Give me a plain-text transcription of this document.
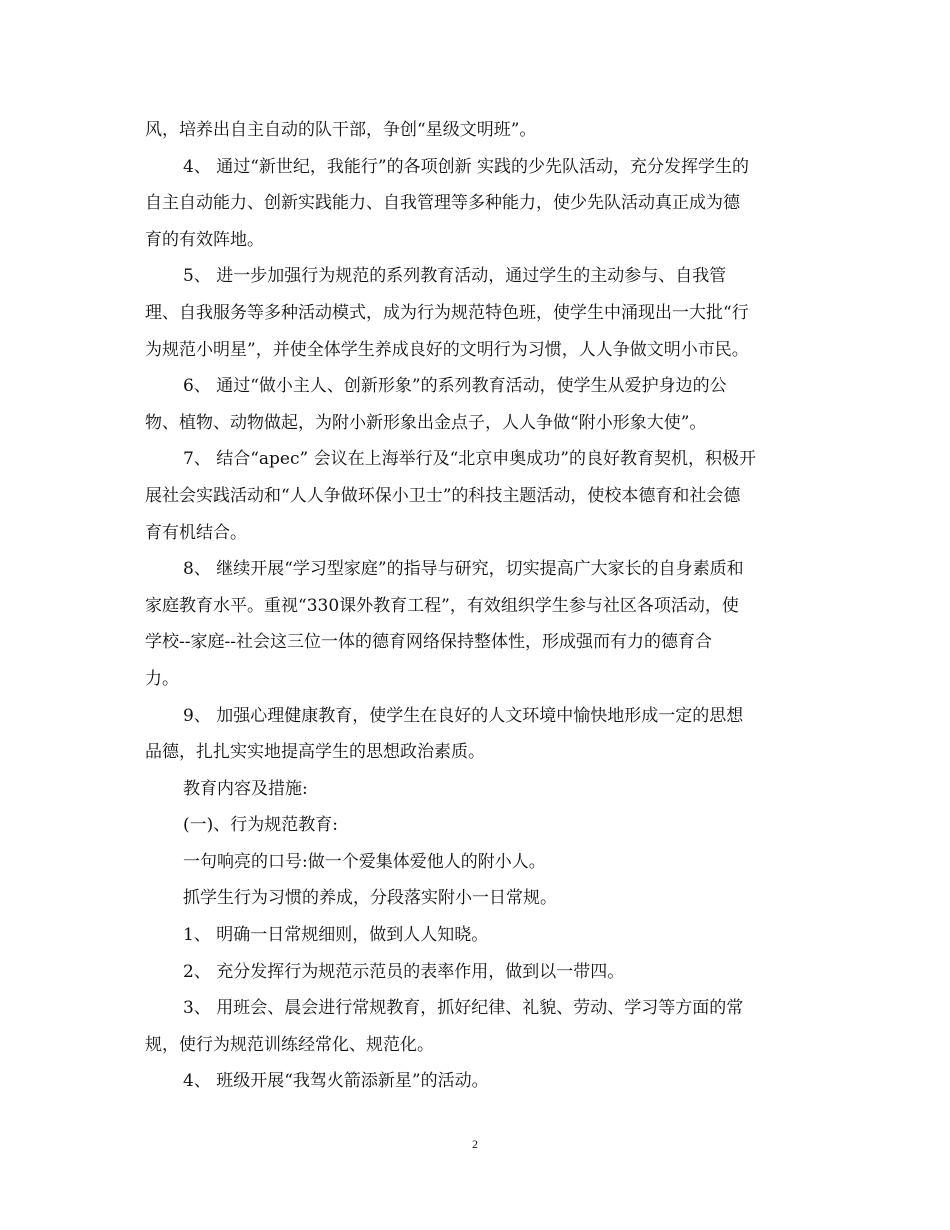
风，培养出自主自动的队干部，争创“星级文明班”。
4、 通过“新世纪，我能行”的各项创新 实践的少先队活动，充分发挥学生的
自主自动能力、创新实践能力、自我管理等多种能力，使少先队活动真正成为德
育的有效阵地。
5、 进一步加强行为规范的系列教育活动，通过学生的主动参与、自我管
理、自我服务等多种活动模式，成为行为规范特色班，使学生中涌现出一大批“行
为规范小明星”，并使全体学生养成良好的文明行为习惯，人人争做文明小市民。
6、 通过“做小主人、创新形象”的系列教育活动，使学生从爱护身边的公
物、植物、动物做起，为附小新形象出金点子，人人争做“附小形象大使”。
7、 结合“apec” 会议在上海举行及“北京申奥成功”的良好教育契机，积极开
展社会实践活动和“人人争做环保小卫士”的科技主题活动，使校本德育和社会德
育有机结合。
8、 继续开展“学习型家庭”的指导与研究，切实提高广大家长的自身素质和
家庭教育水平。重视“330课外教育工程”，有效组织学生参与社区各项活动，使
学校--家庭--社会这三位一体的德育网络保持整体性，形成强而有力的德育合
力。
9、 加强心理健康教育，使学生在良好的人文环境中愉快地形成一定的思想
品德，扎扎实实地提高学生的思想政治素质。
教育内容及措施:
(一)、行为规范教育:
一句响亮的口号:做一个爱集体爱他人的附小人。
抓学生行为习惯的养成，分段落实附小一日常规。
1、 明确一日常规细则，做到人人知晓。
2、 充分发挥行为规范示范员的表率作用，做到以一带四。
3、 用班会、晨会进行常规教育，抓好纪律、礼貌、劳动、学习等方面的常
规，使行为规范训练经常化、规范化。
4、 班级开展“我驾火箭添新星”的活动。
2
